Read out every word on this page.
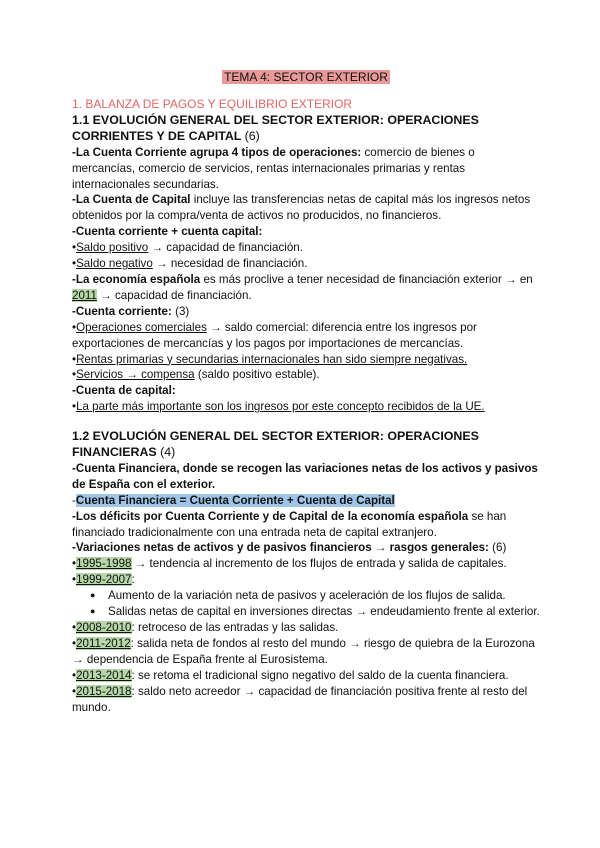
TEMA 4: SECTOR EXTERIOR

1. BALANZA DE PAGOS Y EQUILIBRIO EXTERIOR

1.1 EVOLUCIÓN GENERAL DEL SECTOR EXTERIOR: OPERACIONES CORRIENTES Y DE CAPITAL (6)

-La Cuenta Corriente agrupa 4 tipos de operaciones: comercio de bienes o mercancías, comercio de servicios, rentas internacionales primarias y rentas internacionales secundarias.

-La Cuenta de Capital incluye las transferencias netas de capital más los ingresos netos obtenidos por la compra/venta de activos no producidos, no financieros.

-Cuenta corriente + cuenta capital:

•Saldo positivo → capacidad de financiación.

•Saldo negativo → necesidad de financiación.

-La economía española es más proclive a tener necesidad de financiación exterior → en 2011 → capacidad de financiación.

-Cuenta corriente: (3)

•Operaciones comerciales → saldo comercial: diferencia entre los ingresos por exportaciones de mercancías y los pagos por importaciones de mercancías.

•Rentas primarias y secundarias internacionales han sido siempre negativas.

•Servicios → compensa (saldo positivo estable).

-Cuenta de capital:

•La parte más importante son los ingresos por este concepto recibidos de la UE.

1.2 EVOLUCIÓN GENERAL DEL SECTOR EXTERIOR: OPERACIONES FINANCIERAS (4)

-Cuenta Financiera, donde se recogen las variaciones netas de los activos y pasivos de España con el exterior.

-Cuenta Financiera = Cuenta Corriente + Cuenta de Capital

-Los déficits por Cuenta Corriente y de Capital de la economía española se han financiado tradicionalmente con una entrada neta de capital extranjero.

-Variaciones netas de activos y de pasivos financieros → rasgos generales: (6)

•1995-1998 → tendencia al incremento de los flujos de entrada y salida de capitales.

•1999-2007:

● Aumento de la variación neta de pasivos y aceleración de los flujos de salida.
● Salidas netas de capital en inversiones directas → endeudamiento frente al exterior.

•2008-2010: retroceso de las entradas y las salidas.

•2011-2012: salida neta de fondos al resto del mundo → riesgo de quiebra de la Eurozona → dependencia de España frente al Eurosistema.

•2013-2014: se retoma el tradicional signo negativo del saldo de la cuenta financiera.

•2015-2018: saldo neto acreedor → capacidad de financiación positiva frente al resto del mundo.
